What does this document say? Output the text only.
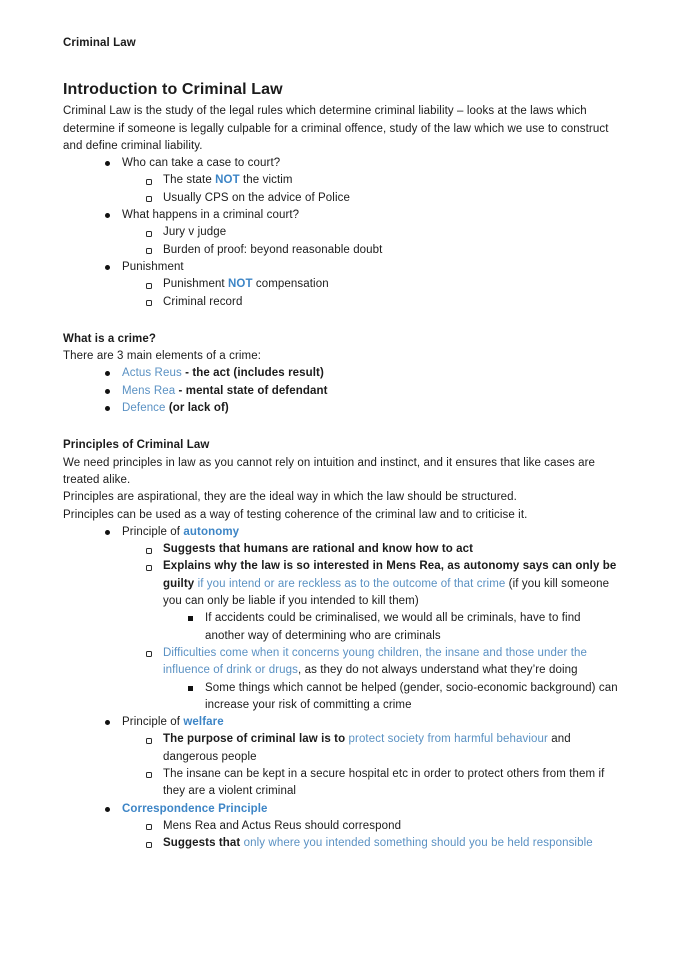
Criminal Law
Introduction to Criminal Law
Criminal Law is the study of the legal rules which determine criminal liability – looks at the laws which determine if someone is legally culpable for a criminal offence, study of the law which we use to construct and define criminal liability.
Who can take a case to court?
The state NOT the victim
Usually CPS on the advice of Police
What happens in a criminal court?
Jury v judge
Burden of proof: beyond reasonable doubt
Punishment
Punishment NOT compensation
Criminal record
What is a crime?
There are 3 main elements of a crime:
Actus Reus - the act (includes result)
Mens Rea - mental state of defendant
Defence (or lack of)
Principles of Criminal Law
We need principles in law as you cannot rely on intuition and instinct, and it ensures that like cases are treated alike.
Principles are aspirational, they are the ideal way in which the law should be structured.
Principles can be used as a way of testing coherence of the criminal law and to criticise it.
Principle of autonomy
Suggests that humans are rational and know how to act
Explains why the law is so interested in Mens Rea, as autonomy says can only be guilty if you intend or are reckless as to the outcome of that crime (if you kill someone you can only be liable if you intended to kill them)
If accidents could be criminalised, we would all be criminals, have to find another way of determining who are criminals
Difficulties come when it concerns young children, the insane and those under the influence of drink or drugs, as they do not always understand what they’re doing
Some things which cannot be helped (gender, socio-economic background) can increase your risk of committing a crime
Principle of welfare
The purpose of criminal law is to protect society from harmful behaviour and dangerous people
The insane can be kept in a secure hospital etc in order to protect others from them if they are a violent criminal
Correspondence Principle
Mens Rea and Actus Reus should correspond
Suggests that only where you intended something should you be held responsible
